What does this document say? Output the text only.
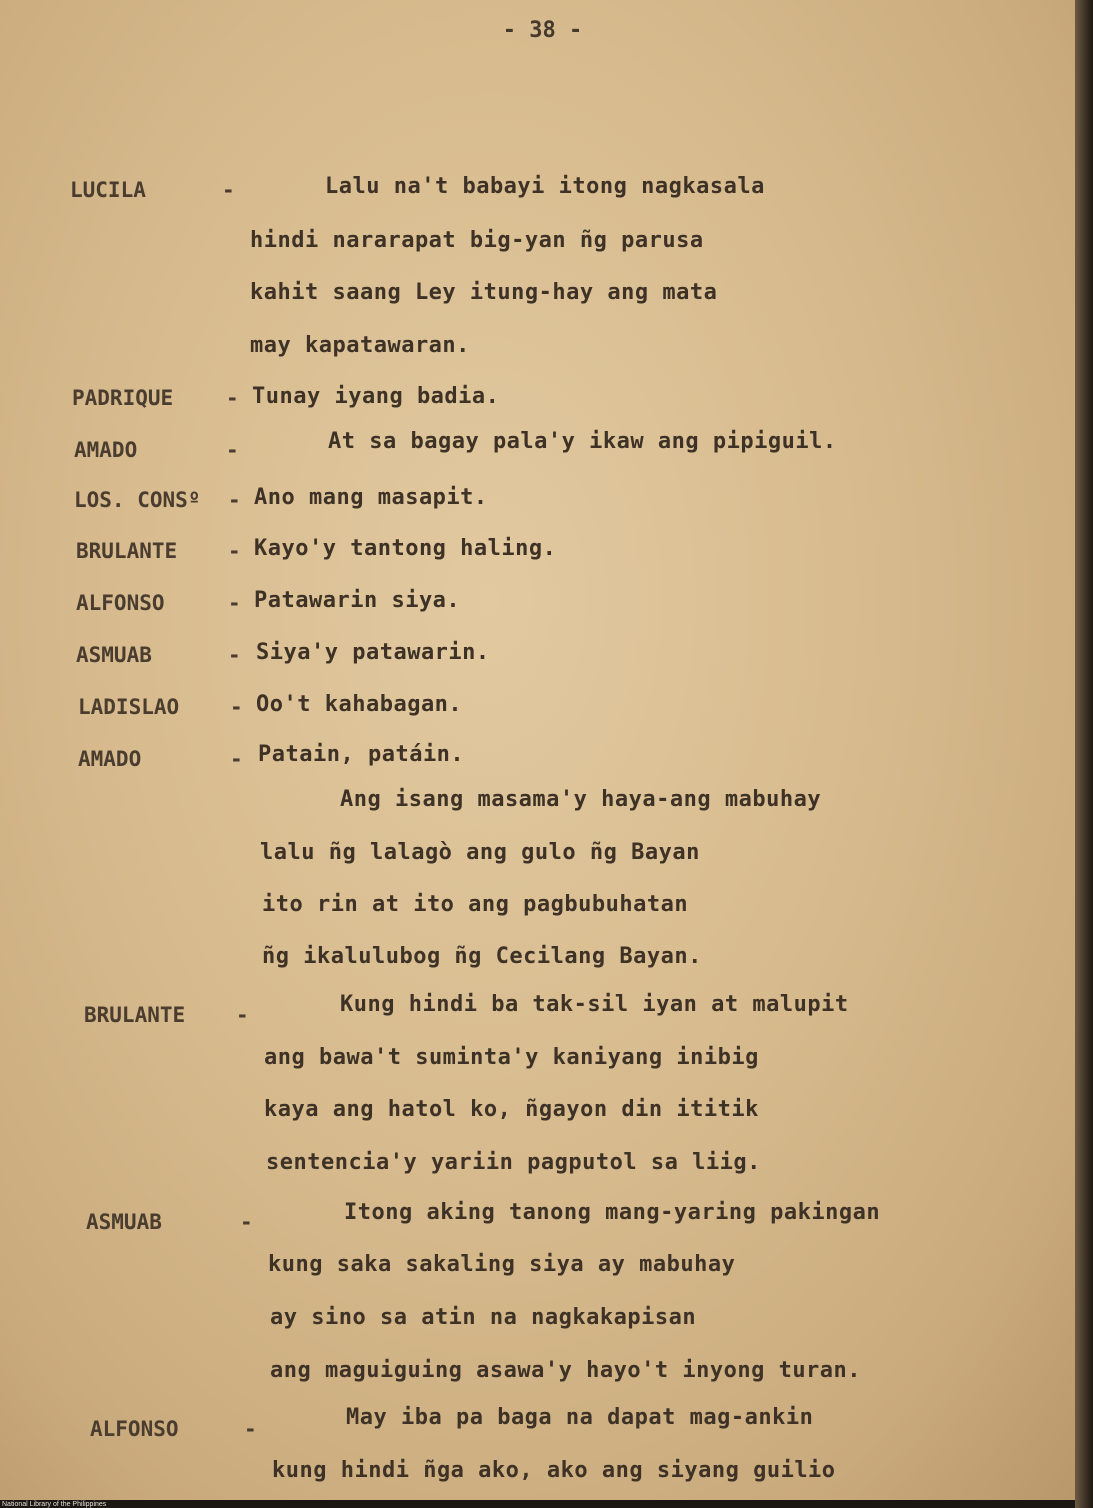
- 38 -
LUCILA	-	Lalu na't babayi itong nagkasala
hindi nararapat big-yan ñg parusa
kahit saang Ley itung-hay ang mata
may kapatawaran.
PADRIQUE	- Tunay iyang badia.
AMADO	-	At sa bagay pala'y ikaw ang pipiguil.
LOS. CONSº - Ano mang masapit.
BRULANTE - Kayo'y tantong haling.
ALFONSO	- Patawarin siya.
ASMUAB	- Siya'y patawarin.
LADISLAO - Oo't kahabagan.
AMADO	- Patain, patáin.
Ang isang masama'y haya-ang mabuhay
lalu ñg lalagò ang gulo ñg Bayan
ito rin at ito ang pagbubuhatan
ñg ikalulubog ñg Cecilang Bayan.
BRULANTE -	Kung hindi ba tak-sil iyan at malupit
ang bawa't suminta'y kaniyang inibig
kaya ang hatol ko, ñgayon din ititik
sentencia'y yariin pagputol sa liig.
ASMUAB	-	Itong aking tanong mang-yaring pakingan
kung saka sakaling siya ay mabuhay
ay sino sa atin na nagkakapisan
ang maguiguing asawa'y hayo't inyong turan.
ALFONSO	-	May iba pa baga na dapat mag-ankin
kung hindi ñga ako, ako ang siyang guilio
National Library of the Philippines
